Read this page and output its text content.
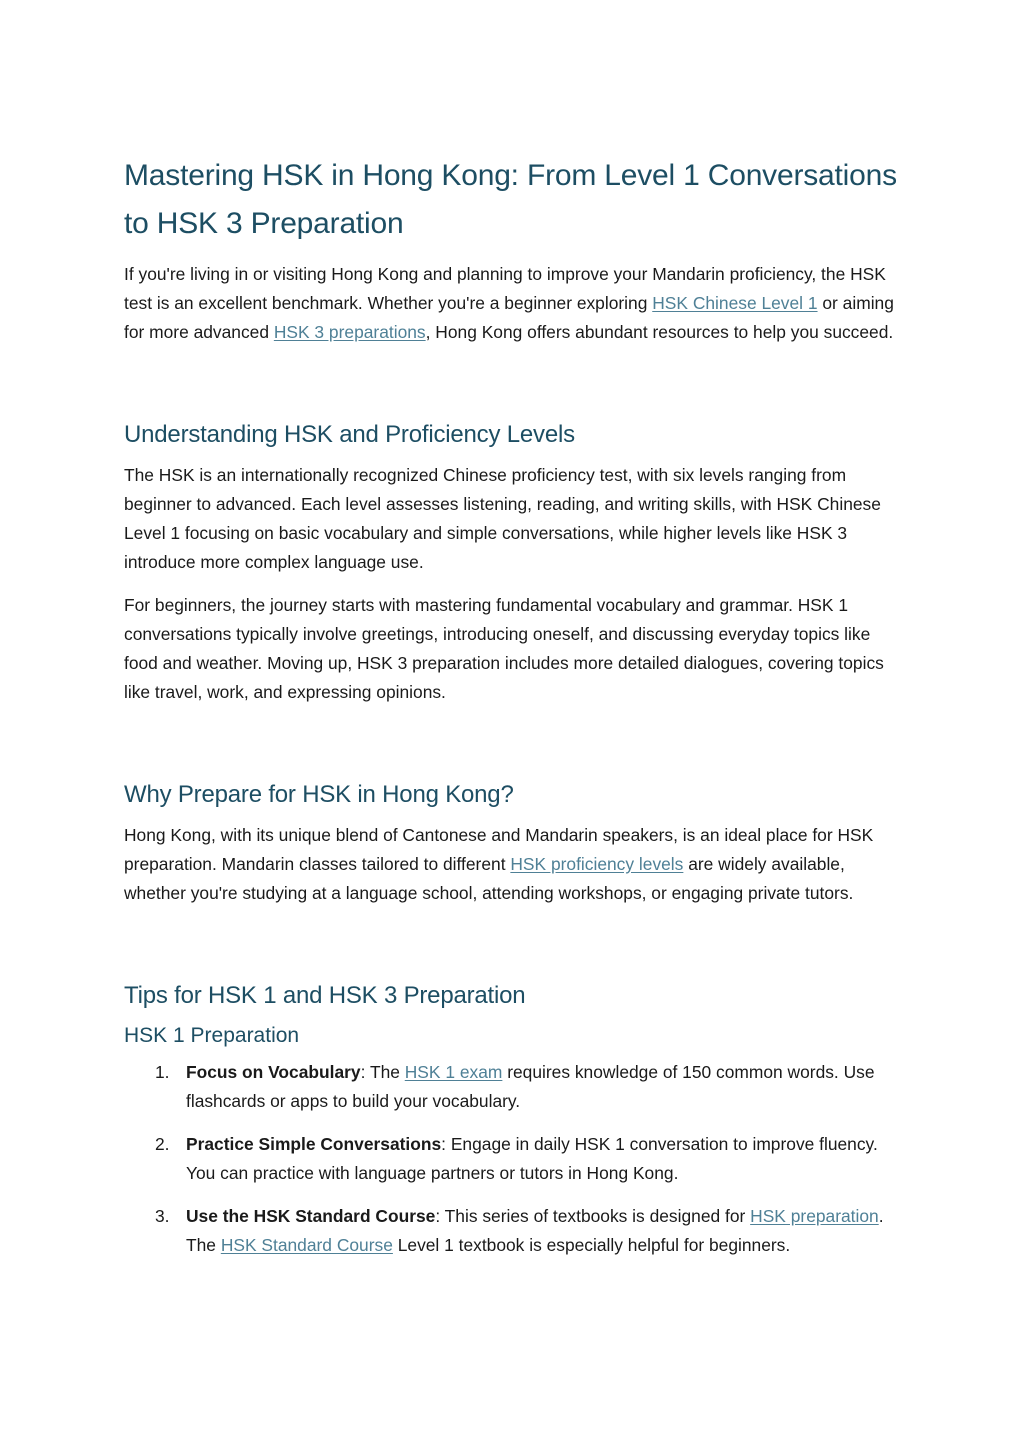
Mastering HSK in Hong Kong: From Level 1 Conversations to HSK 3 Preparation

If you're living in or visiting Hong Kong and planning to improve your Mandarin proficiency, the HSK test is an excellent benchmark. Whether you're a beginner exploring HSK Chinese Level 1 or aiming for more advanced HSK 3 preparations, Hong Kong offers abundant resources to help you succeed.

Understanding HSK and Proficiency Levels

The HSK is an internationally recognized Chinese proficiency test, with six levels ranging from beginner to advanced. Each level assesses listening, reading, and writing skills, with HSK Chinese Level 1 focusing on basic vocabulary and simple conversations, while higher levels like HSK 3 introduce more complex language use.

For beginners, the journey starts with mastering fundamental vocabulary and grammar. HSK 1 conversations typically involve greetings, introducing oneself, and discussing everyday topics like food and weather. Moving up, HSK 3 preparation includes more detailed dialogues, covering topics like travel, work, and expressing opinions.

Why Prepare for HSK in Hong Kong?

Hong Kong, with its unique blend of Cantonese and Mandarin speakers, is an ideal place for HSK preparation. Mandarin classes tailored to different HSK proficiency levels are widely available, whether you're studying at a language school, attending workshops, or engaging private tutors.

Tips for HSK 1 and HSK 3 Preparation
HSK 1 Preparation
1. Focus on Vocabulary: The HSK 1 exam requires knowledge of 150 common words. Use flashcards or apps to build your vocabulary.
2. Practice Simple Conversations: Engage in daily HSK 1 conversation to improve fluency. You can practice with language partners or tutors in Hong Kong.
3. Use the HSK Standard Course: This series of textbooks is designed for HSK preparation. The HSK Standard Course Level 1 textbook is especially helpful for beginners.
